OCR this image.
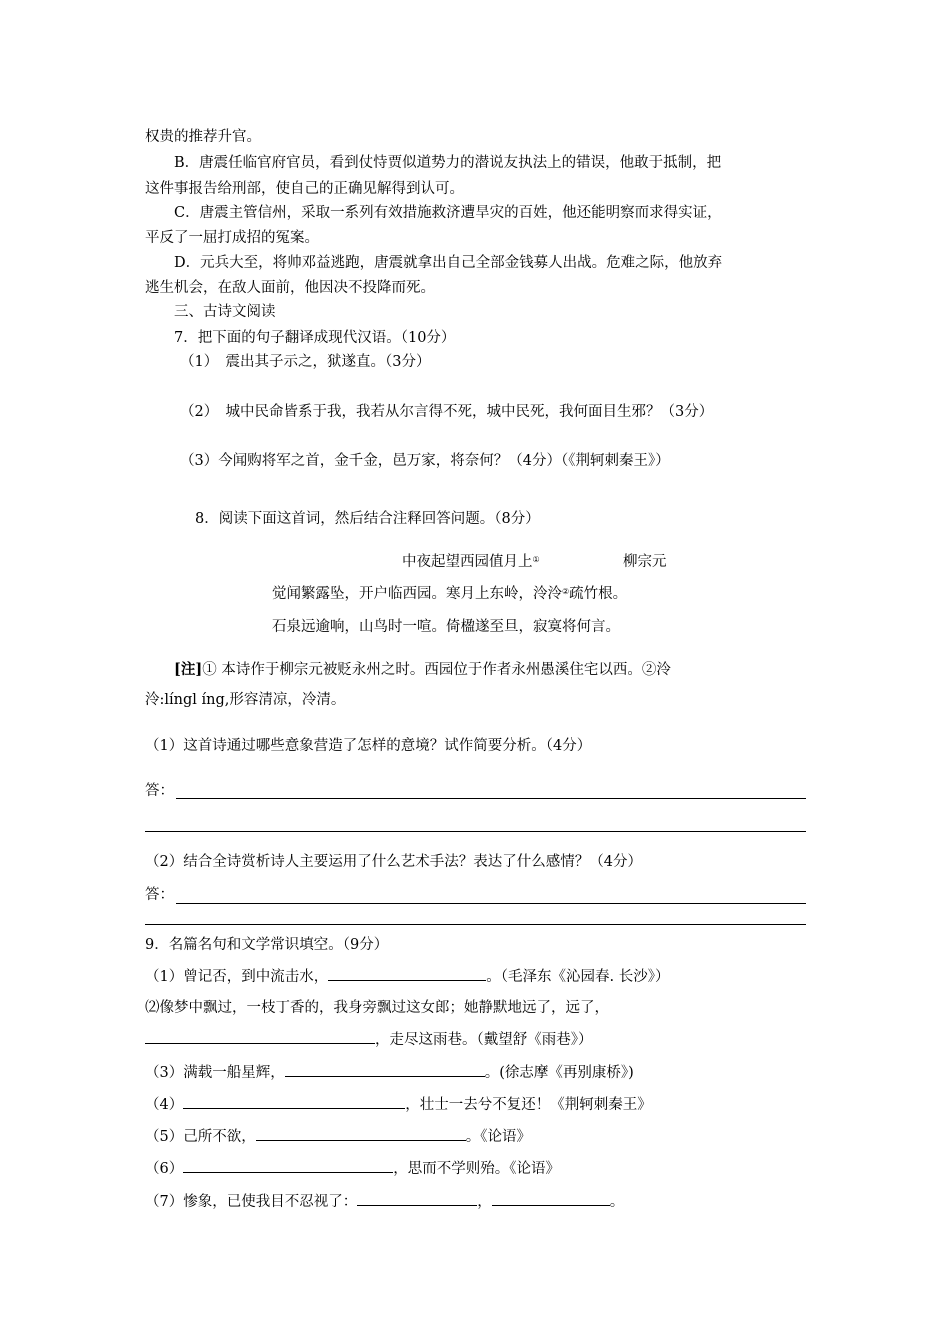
权贵的推荐升官。
B．唐震任临官府官员，看到仗恃贾似道势力的潜说友执法上的错误，他敢于抵制，把
这件事报告给刑部，使自己的正确见解得到认可。
C．唐震主管信州，采取一系列有效措施救济遭旱灾的百姓，他还能明察而求得实证，
平反了一屈打成招的冤案。
D．元兵大至，将帅邓益逃跑，唐震就拿出自己全部金钱募人出战。危难之际，他放弃
逃生机会，在敌人面前，他因决不投降而死。
三、古诗文阅读
7．把下面的句子翻译成现代汉语。（10分）
（1）　震出其子示之，狱遂直。（3分）
（2）　城中民命皆系于我，我若从尔言得不死，城中民死，我何面目生邪？（3分）
（3）今闻购将军之首，金千金，邑万家，将奈何？（4分）（《荆轲刺秦王》）
8．阅读下面这首词，然后结合注释回答问题。（8分）
中夜起望西园值月上①	柳宗元
觉闻繁露坠，开户临西园。寒月上东岭，泠泠②疏竹根。
石泉远逾响，山鸟时一喧。倚楹遂至旦，寂寞将何言。
[注]① 本诗作于柳宗元被贬永州之时。西园位于作者永州愚溪住宅以西。②泠
泠:língl íng,形容清凉，冷清。
（1）这首诗通过哪些意象营造了怎样的意境？试作简要分析。（4分）
答：
（2）结合全诗赏析诗人主要运用了什么艺术手法？表达了什么感情？（4分）
答：
9．名篇名句和文学常识填空。（9分）
（1）曾记否，到中流击水，	。（毛泽东《沁园春. 长沙》）
⑵像梦中飘过，一枝丁香的，我身旁飘过这女郎；她静默地远了，远了，
，走尽这雨巷。（戴望舒《雨巷》）
（3）满载一船星辉，	。(徐志摩《再别康桥》)
（4）	，壮士一去兮不复还！《荆轲刺秦王》
（5）己所不欲，	。《论语》
（6）	，思而不学则殆。《论语》
（7）惨象，已使我目不忍视了：	，	。
